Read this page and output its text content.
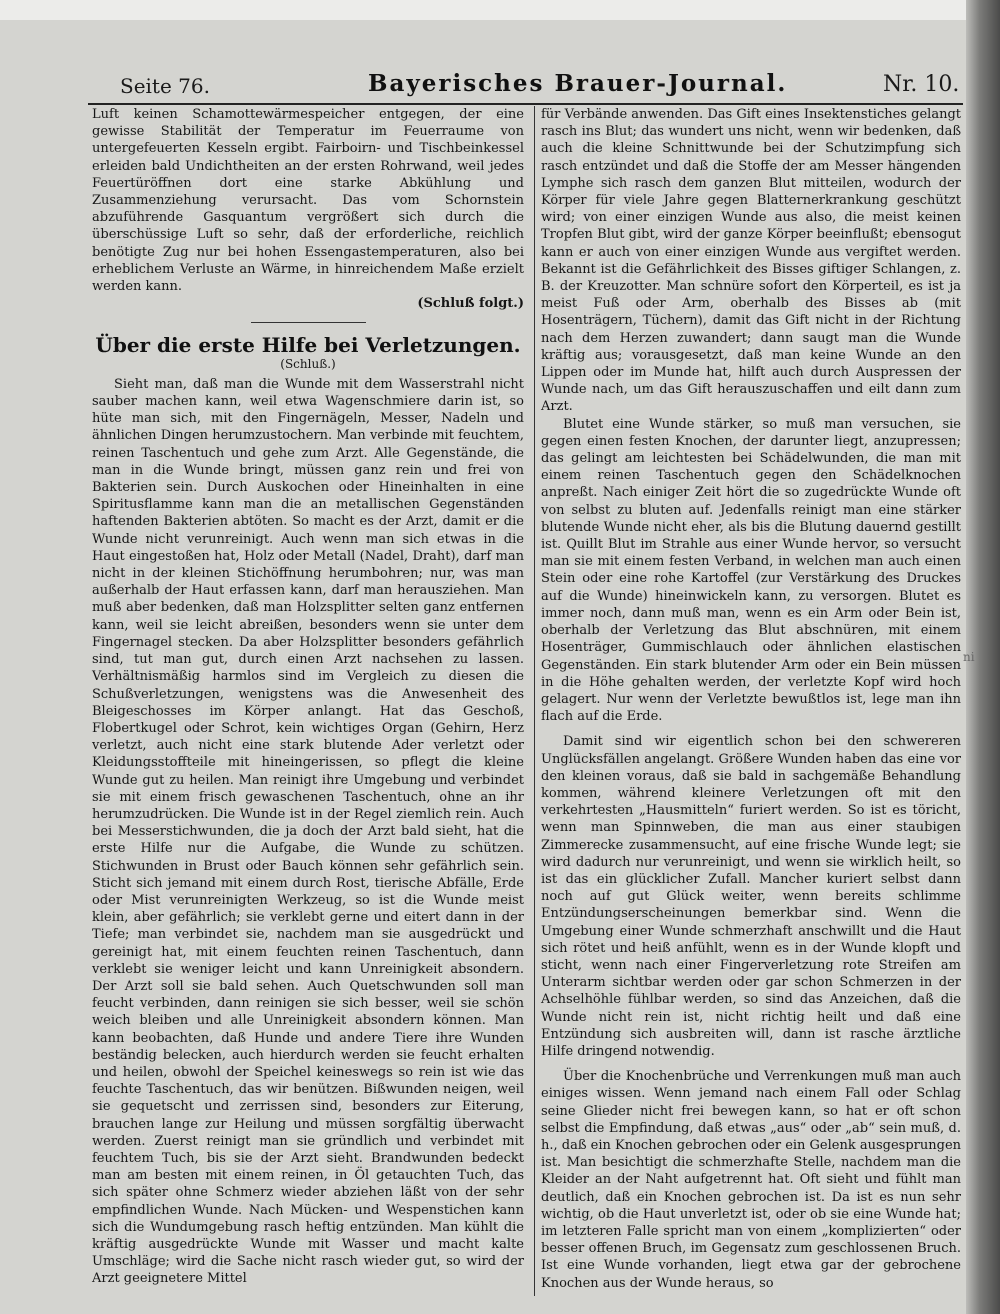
Seite 76.	Bayerisches Brauer-Journal.	Nr. 10.

Luft keinen Schamottewärmespeicher entgegen, der eine gewisse Stabilität der Temperatur im Feuerraume von untergefeuerten Kesseln ergibt. Fairboirn- und Tischbeinkessel erleiden bald Undichtheiten an der ersten Rohrwand, weil jedes Feuertüröffnen dort eine starke Abkühlung und Zusammenziehung verursacht. Das vom Schornstein abzuführende Gasquantum vergrößert sich durch die überschüssige Luft so sehr, daß der erforderliche, reichlich benötigte Zug nur bei hohen Essengastemperaturen, also bei erheblichem Verluste an Wärme, in hinreichendem Maße erzielt werden kann.

(Schluß folgt.)

Über die erste Hilfe bei Verletzungen.
(Schluß.)

Sieht man, daß man die Wunde mit dem Wasserstrahl nicht sauber machen kann, weil etwa Wagenschmiere darin ist, so hüte man sich, mit den Fingernägeln, Messer, Nadeln und ähnlichen Dingen herumzustochern. Man verbinde mit feuchtem, reinen Taschentuch und gehe zum Arzt. Alle Gegenstände, die man in die Wunde bringt, müssen ganz rein und frei von Bakterien sein. Durch Auskochen oder Hineinhalten in eine Spiritusflamme kann man die an metallischen Gegenständen haftenden Bakterien abtöten. So macht es der Arzt, damit er die Wunde nicht verunreinigt. Auch wenn man sich etwas in die Haut eingestoßen hat, Holz oder Metall (Nadel, Draht), darf man nicht in der kleinen Stichöffnung herumbohren; nur, was man außerhalb der Haut erfassen kann, darf man herausziehen. Man muß aber bedenken, daß man Holzsplitter selten ganz entfernen kann, weil sie leicht abreißen, besonders wenn sie unter dem Fingernagel stecken. Da aber Holzsplitter besonders gefährlich sind, tut man gut, durch einen Arzt nachsehen zu lassen. Verhältnismäßig harmlos sind im Vergleich zu diesen die Schußverletzungen, wenigstens was die Anwesenheit des Bleigeschosses im Körper anlangt. Hat das Geschoß, Flobertkugel oder Schrot, kein wichtiges Organ (Gehirn, Herz verletzt, auch nicht eine stark blutende Ader verletzt oder Kleidungsstoffteile mit hineingerissen, so pflegt die kleine Wunde gut zu heilen. Man reinigt ihre Umgebung und verbindet sie mit einem frisch gewaschenen Taschentuch, ohne an ihr herumzudrücken. Die Wunde ist in der Regel ziemlich rein. Auch bei Messerstichwunden, die ja doch der Arzt bald sieht, hat die erste Hilfe nur die Aufgabe, die Wunde zu schützen. Stichwunden in Brust oder Bauch können sehr gefährlich sein. Sticht sich jemand mit einem durch Rost, tierische Abfälle, Erde oder Mist verunreinigten Werkzeug, so ist die Wunde meist klein, aber gefährlich; sie verklebt gerne und eitert dann in der Tiefe; man verbindet sie, nachdem man sie ausgedrückt und gereinigt hat, mit einem feuchten reinen Taschentuch, dann verklebt sie weniger leicht und kann Unreinigkeit absondern. Der Arzt soll sie bald sehen. Auch Quetschwunden soll man feucht verbinden, dann reinigen sie sich besser, weil sie schön weich bleiben und alle Unreinigkeit absondern können. Man kann beobachten, daß Hunde und andere Tiere ihre Wunden beständig belecken, auch hierdurch werden sie feucht erhalten und heilen, obwohl der Speichel keineswegs so rein ist wie das feuchte Taschentuch, das wir benützen. Bißwunden neigen, weil sie gequetscht und zerrissen sind, besonders zur Eiterung, brauchen lange zur Heilung und müssen sorgfältig überwacht werden. Zuerst reinigt man sie gründlich und verbindet mit feuchtem Tuch, bis sie der Arzt sieht. Brandwunden bedeckt man am besten mit einem reinen, in Öl getauchten Tuch, das sich später ohne Schmerz wieder abziehen läßt von der sehr empfindlichen Wunde. Nach Mücken- und Wespenstichen kann sich die Wundumgebung rasch heftig entzünden. Man kühlt die kräftig ausgedrückte Wunde mit Wasser und macht kalte Umschläge; wird die Sache nicht rasch wieder gut, so wird der Arzt geeignetere Mittel

für Verbände anwenden. Das Gift eines Insektenstiches gelangt rasch ins Blut; das wundert uns nicht, wenn wir bedenken, daß auch die kleine Schnittwunde bei der Schutzimpfung sich rasch entzündet und daß die Stoffe der am Messer hängenden Lymphe sich rasch dem ganzen Blut mitteilen, wodurch der Körper für viele Jahre gegen Blatternerkrankung geschützt wird; von einer einzigen Wunde aus also, die meist keinen Tropfen Blut gibt, wird der ganze Körper beeinflußt; ebensogut kann er auch von einer einzigen Wunde aus vergiftet werden. Bekannt ist die Gefährlichkeit des Bisses giftiger Schlangen, z. B. der Kreuzotter. Man schnüre sofort den Körperteil, es ist ja meist Fuß oder Arm, oberhalb des Bisses ab (mit Hosenträgern, Tüchern), damit das Gift nicht in der Richtung nach dem Herzen zuwandert; dann saugt man die Wunde kräftig aus; vorausgesetzt, daß man keine Wunde an den Lippen oder im Munde hat, hilft auch durch Auspressen der Wunde nach, um das Gift herauszuschaffen und eilt dann zum Arzt.

Blutet eine Wunde stärker, so muß man versuchen, sie gegen einen festen Knochen, der darunter liegt, anzupressen; das gelingt am leichtesten bei Schädelwunden, die man mit einem reinen Taschentuch gegen den Schädelknochen anpreßt. Nach einiger Zeit hört die so zugedrückte Wunde oft von selbst zu bluten auf. Jedenfalls reinigt man eine stärker blutende Wunde nicht eher, als bis die Blutung dauernd gestillt ist. Quillt Blut im Strahle aus einer Wunde hervor, so versucht man sie mit einem festen Verband, in welchen man auch einen Stein oder eine rohe Kartoffel (zur Verstärkung des Druckes auf die Wunde) hineinwickeln kann, zu versorgen. Blutet es immer noch, dann muß man, wenn es ein Arm oder Bein ist, oberhalb der Verletzung das Blut abschnüren, mit einem Hosenträger, Gummischlauch oder ähnlichen elastischen Gegenständen. Ein stark blutender Arm oder ein Bein müssen in die Höhe gehalten werden, der verletzte Kopf wird hoch gelagert. Nur wenn der Verletzte bewußtlos ist, lege man ihn flach auf die Erde.

Damit sind wir eigentlich schon bei den schwereren Unglücksfällen angelangt. Größere Wunden haben das eine vor den kleinen voraus, daß sie bald in sachgemäße Behandlung kommen, während kleinere Verletzungen oft mit den verkehrtesten „Hausmitteln“ furiert werden. So ist es töricht, wenn man Spinnweben, die man aus einer staubigen Zimmerecke zusammensucht, auf eine frische Wunde legt; sie wird dadurch nur verunreinigt, und wenn sie wirklich heilt, so ist das ein glücklicher Zufall. Mancher kuriert selbst dann noch auf gut Glück weiter, wenn bereits schlimme Entzündungserscheinungen bemerkbar sind. Wenn die Umgebung einer Wunde schmerzhaft anschwillt und die Haut sich rötet und heiß anfühlt, wenn es in der Wunde klopft und sticht, wenn nach einer Fingerverletzung rote Streifen am Unterarm sichtbar werden oder gar schon Schmerzen in der Achselhöhle fühlbar werden, so sind das Anzeichen, daß die Wunde nicht rein ist, nicht richtig heilt und daß eine Entzündung sich ausbreiten will, dann ist rasche ärztliche Hilfe dringend notwendig.

Über die Knochenbrüche und Verrenkungen muß man auch einiges wissen. Wenn jemand nach einem Fall oder Schlag seine Glieder nicht frei bewegen kann, so hat er oft schon selbst die Empfindung, daß etwas „aus“ oder „ab“ sein muß, d. h., daß ein Knochen gebrochen oder ein Gelenk ausgesprungen ist. Man besichtigt die schmerzhafte Stelle, nachdem man die Kleider an der Naht aufgetrennt hat. Oft sieht und fühlt man deutlich, daß ein Knochen gebrochen ist. Da ist es nun sehr wichtig, ob die Haut unverletzt ist, oder ob sie eine Wunde hat; im letzteren Falle spricht man von einem „komplizierten“ oder besser offenen Bruch, im Gegensatz zum geschlossenen Bruch. Ist eine Wunde vorhanden, liegt etwa gar der gebrochene Knochen aus der Wunde heraus, so

ni
